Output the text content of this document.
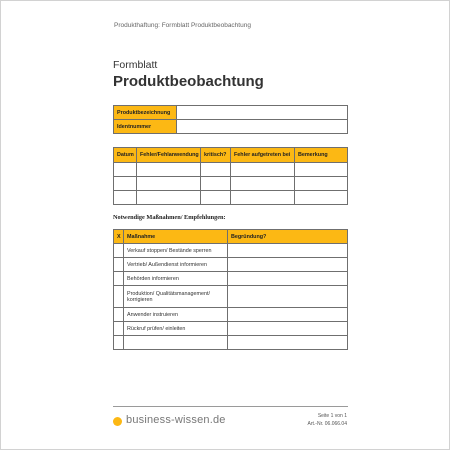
Produkthaftung: Formblatt Produktbeobachtung
Formblatt
Produktbeobachtung
Produktbezeichnung	
Identnummer	
Datum	Fehler/Fehlanwendung	kritisch?	Fehler aufgetreten bei	Bemerkung

Notwendige Maßnahmen/ Empfehlungen:
X	Maßnahme	Begründung?
	Verkauf stoppen/ Bestände sperren	
	Vertrieb/ Außendienst informieren	
	Behörden informieren	
	Produktion/ Qualitätsmanagement/ korrigieren	
	Anwender instruieren	
	Rückruf prüfen/ einleiten	

business-wissen.de	Seite 1 von 1
Art.-Nr. 06.066.04
